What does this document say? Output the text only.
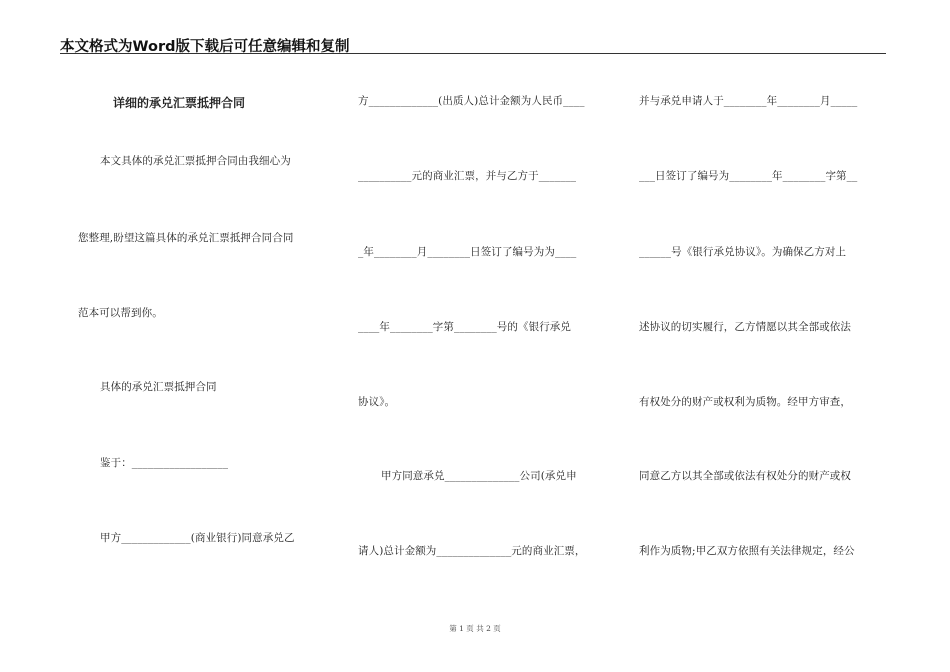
本文格式为Word版下载后可任意编辑和复制
详细的承兑汇票抵押合同
本文具体的承兑汇票抵押合同由我细心为
您整理,盼望这篇具体的承兑汇票抵押合同合同
范本可以帮到你。
具体的承兑汇票抵押合同
鉴于：__________________
甲方_____________(商业银行)同意承兑乙
方_____________(出质人)总计金额为人民币____
__________元的商业汇票，并与乙方于_______
_年________月________日签订了编号为为____
____年________字第________号的《银行承兑
协议》。
甲方同意承兑______________公司(承兑申
请人)总计金额为______________元的商业汇票，
并与承兑申请人于________年________月_____
___日签订了编号为________年________字第__
______号《银行承兑协议》。为确保乙方对上
述协议的切实履行，乙方情愿以其全部或依法
有权处分的财产或权利为质物。经甲方审查，
同意乙方以其全部或依法有权处分的财产或权
利作为质物;甲乙双方依照有关法律规定，经公
第 1 页 共 2 页
